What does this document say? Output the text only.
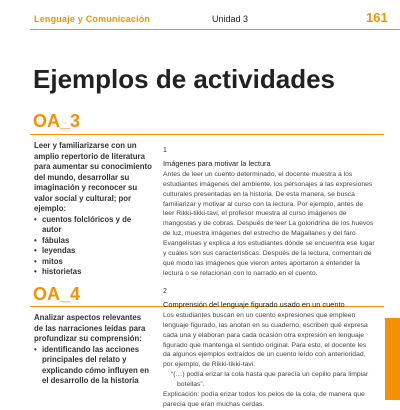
Lenguaje y Comunicación	Unidad 3	161
Ejemplos de actividades
OA_3

Leer y familiarizarse con un amplio repertorio de literatura para aumentar su conocimiento del mundo, desarrollar su imaginación y reconocer su valor social y cultural; por ejemplo:

• cuentos folclóricos y de autor
• fábulas
• leyendas
• mitos
• historietas
1
Imágenes para motivar la lectura
Antes de leer un cuento determinado, el docente muestra a los estudiantes imágenes del ambiente, los personajes a las expresiones culturales presentadas en la historia. De esta manera, se busca familiarizar y motivar al curso con la lectura. Por ejemplo, antes de leer Rikki-tikki-tavi, el profesor muestra al curso imágenes de mangostas y de cobras. Después de leer La golondrina de los huevos de luz, muestra imágenes del estrecho de Magallanes y del faro Evangelistas y explica a los estudiantes dónde se encuentra ese lugar y cuáles son sus características. Después de la lectura, comentan de qué modo las imágenes que vieron antes aportaron a entender la lectura o se relacionan con lo narrado en el cuento.
OA_4

Analizar aspectos relevantes de las narraciones leídas para profundizar su comprensión:

• identificando las acciones principales del relato y explicando cómo influyen en el desarrollo de la historia
2
Comprensión del lenguaje figurado usado en un cuento
Los estudiantes buscan en un cuento expresiones que empleen lenguaje figurado, las anotan en su cuaderno, escriben qué expresa cada una y elaboran para cada ocasión otra expresión en lenguaje figurado que mantenga el sentido original. Para esto, el docente les da algunos ejemplos extraídos de un cuento leído con anterioridad, por ejemplo, de Rikki-tikki-tavi:
“(…) podía erizar la cola hasta que parecía un cepillo para limpiar botellas”.
Explicación: podía erizar todos los pelos de la cola, de manera que parecía que eran muchas cerdas.
